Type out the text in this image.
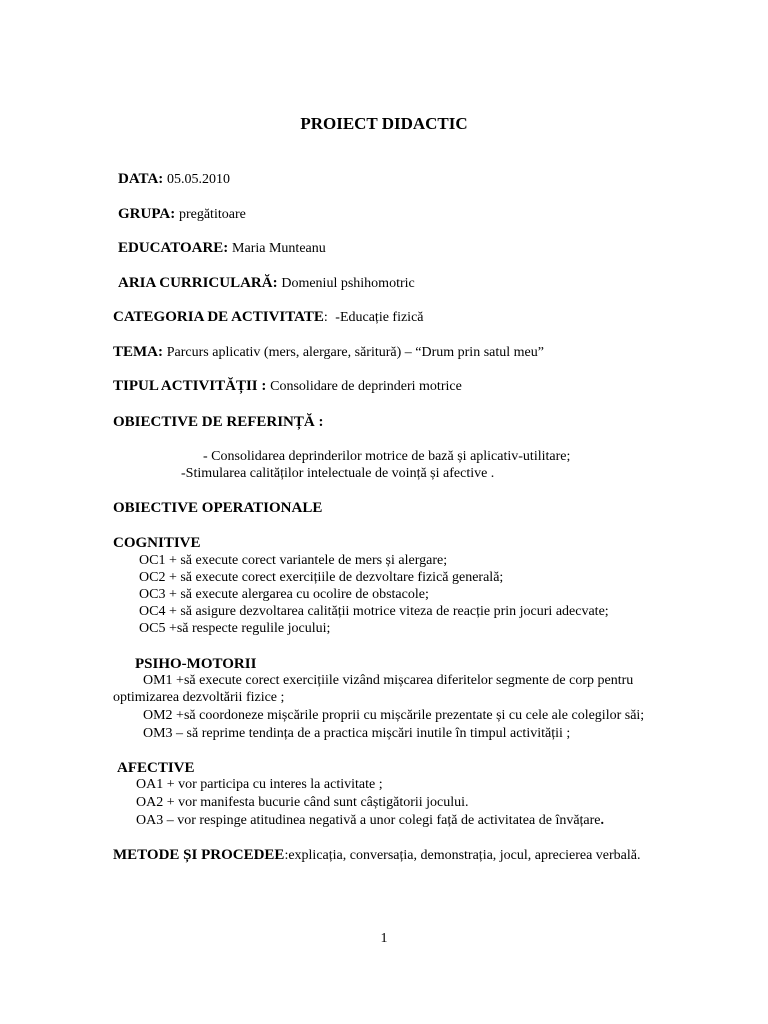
PROIECT DIDACTIC
DATA: 05.05.2010
GRUPA: pregătitoare
EDUCATOARE: Maria Munteanu
ARIA CURRICULARĂ: Domeniul pshihomotric
CATEGORIA DE ACTIVITATE: -Educație fizică
TEMA: Parcurs aplicativ (mers, alergare, săritură) – “Drum prin satul meu”
TIPUL ACTIVITĂȚII : Consolidare de deprinderi motrice
OBIECTIVE DE REFERINȚĂ :
- Consolidarea deprinderilor motrice de bază și aplicativ-utilitare;
-Stimularea calităților intelectuale de voință și afective .
OBIECTIVE OPERATIONALE
COGNITIVE
OC1 + să execute corect variantele de mers și alergare;
OC2 + să execute corect exercițiile de dezvoltare fizică generală;
OC3 + să execute alergarea cu ocolire de obstacole;
OC4 + să asigure dezvoltarea calității motrice viteza de reacție prin jocuri adecvate;
OC5 +să respecte regulile jocului;
PSIHO-MOTORII
OM1 +să execute corect exercițiile vizând mișcarea diferitelor segmente de corp pentru
optimizarea dezvoltării fizice ;
OM2 +să coordoneze mișcările proprii cu mișcările prezentate și cu cele ale colegilor săi;
OM3 – să reprime tendința de a practica mișcări inutile în timpul activității ;
AFECTIVE
OA1 + vor participa cu interes la activitate ;
OA2 + vor manifesta bucurie când sunt câștigătorii jocului.
OA3 – vor respinge atitudinea negativă a unor colegi față de activitatea de învățare.
METODE ȘI PROCEDEE:explicația, conversația, demonstrația, jocul, aprecierea verbală.
1
